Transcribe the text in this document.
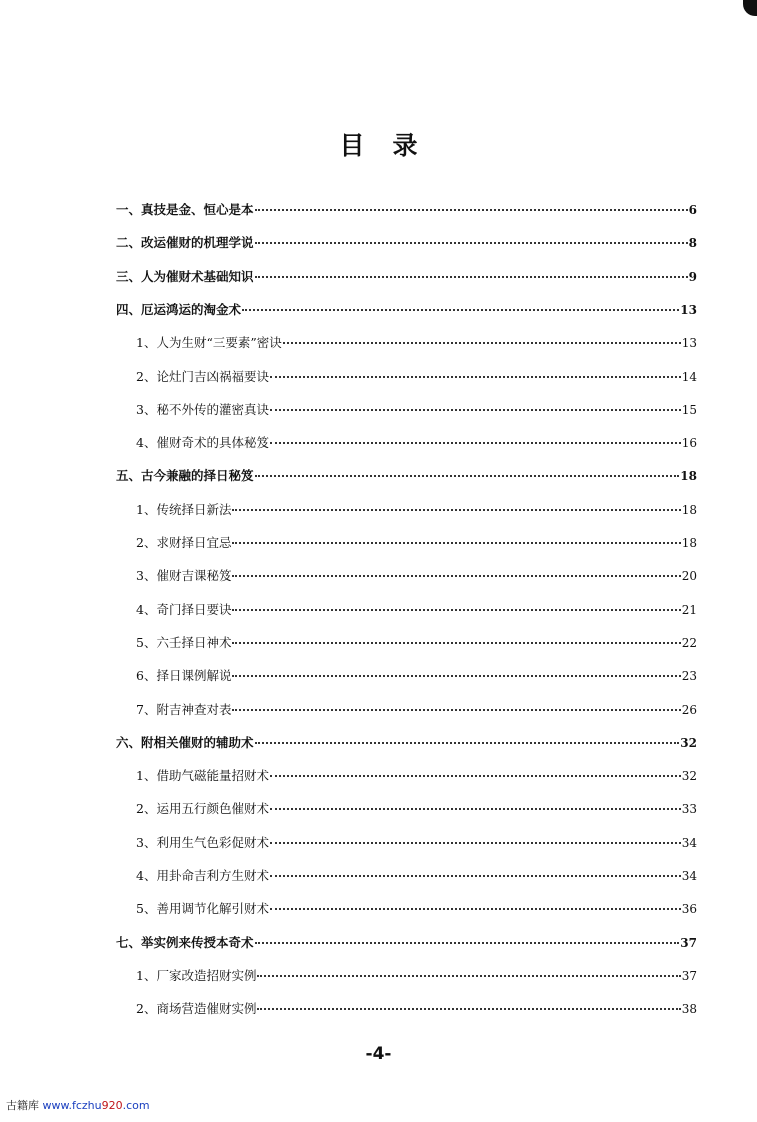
目录
一、真技是金、恒心是本	6
二、改运催财的机理学说	8
三、人为催财术基础知识	9
四、厄运鸿运的淘金术	13
1、人为生财“三要素”密诀	13
2、论灶门吉凶祸福要诀	14
3、秘不外传的灌密真诀	15
4、催财奇术的具体秘笈	16
五、古今兼融的择日秘笈	18
1、传统择日新法	18
2、求财择日宜忌	18
3、催财吉课秘笈	20
4、奇门择日要诀	21
5、六壬择日神术	22
6、择日课例解说	23
7、附吉神查对表	26
六、附相关催财的辅助术	32
1、借助气磁能量招财术	32
2、运用五行颜色催财术	33
3、利用生气色彩促财术	34
4、用卦命吉利方生财术	34
5、善用调节化解引财术	36
七、举实例来传授本奇术	37
1、厂家改造招财实例	37
2、商场营造催财实例	38
-4-
古籍库 www.fczhu920.com
